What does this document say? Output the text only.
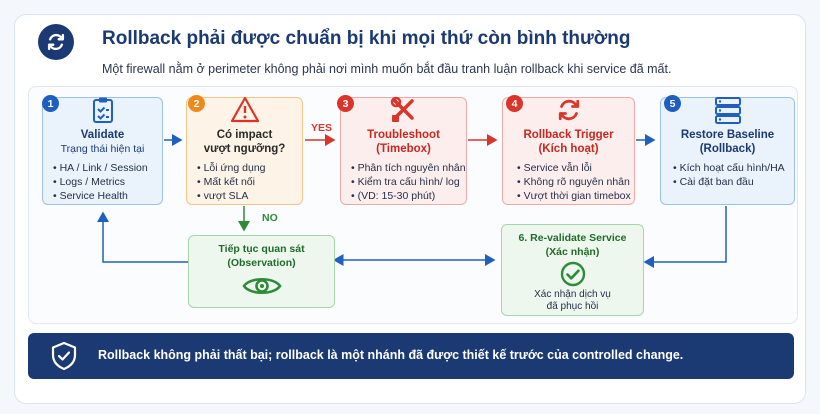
Rollback phải được chuẩn bị khi mọi thứ còn bình thường
Một firewall nằm ở perimeter không phải nơi mình muốn bắt đầu tranh luận rollback khi service đã mất.
Validate
Trạng thái hiện tại
• HA / Link / Session
• Logs / Metrics
• Service Health
1
Có impact
vượt ngưỡng?
• Lỗi ứng dụng
• Mất kết nối
• vượt SLA
2
Troubleshoot
(Timebox)
• Phân tích nguyên nhân
• Kiểm tra cấu hình/ log
• (VD: 15-30 phút)
3
Rollback Trigger
(Kích hoạt)
• Service vẫn lỗi
• Không rõ nguyên nhân
• Vượt thời gian timebox
4
Restore Baseline
(Rollback)
• Kích hoạt cấu hình/HA
• Cài đặt ban đầu
5
YES
NO
Tiếp tục quan sát
(Observation)
6. Re-validate Service
(Xác nhận)
Xác nhận dịch vụ
đã phục hồi
Rollback không phải thất bại; rollback là một nhánh đã được thiết kế trước của controlled change.
